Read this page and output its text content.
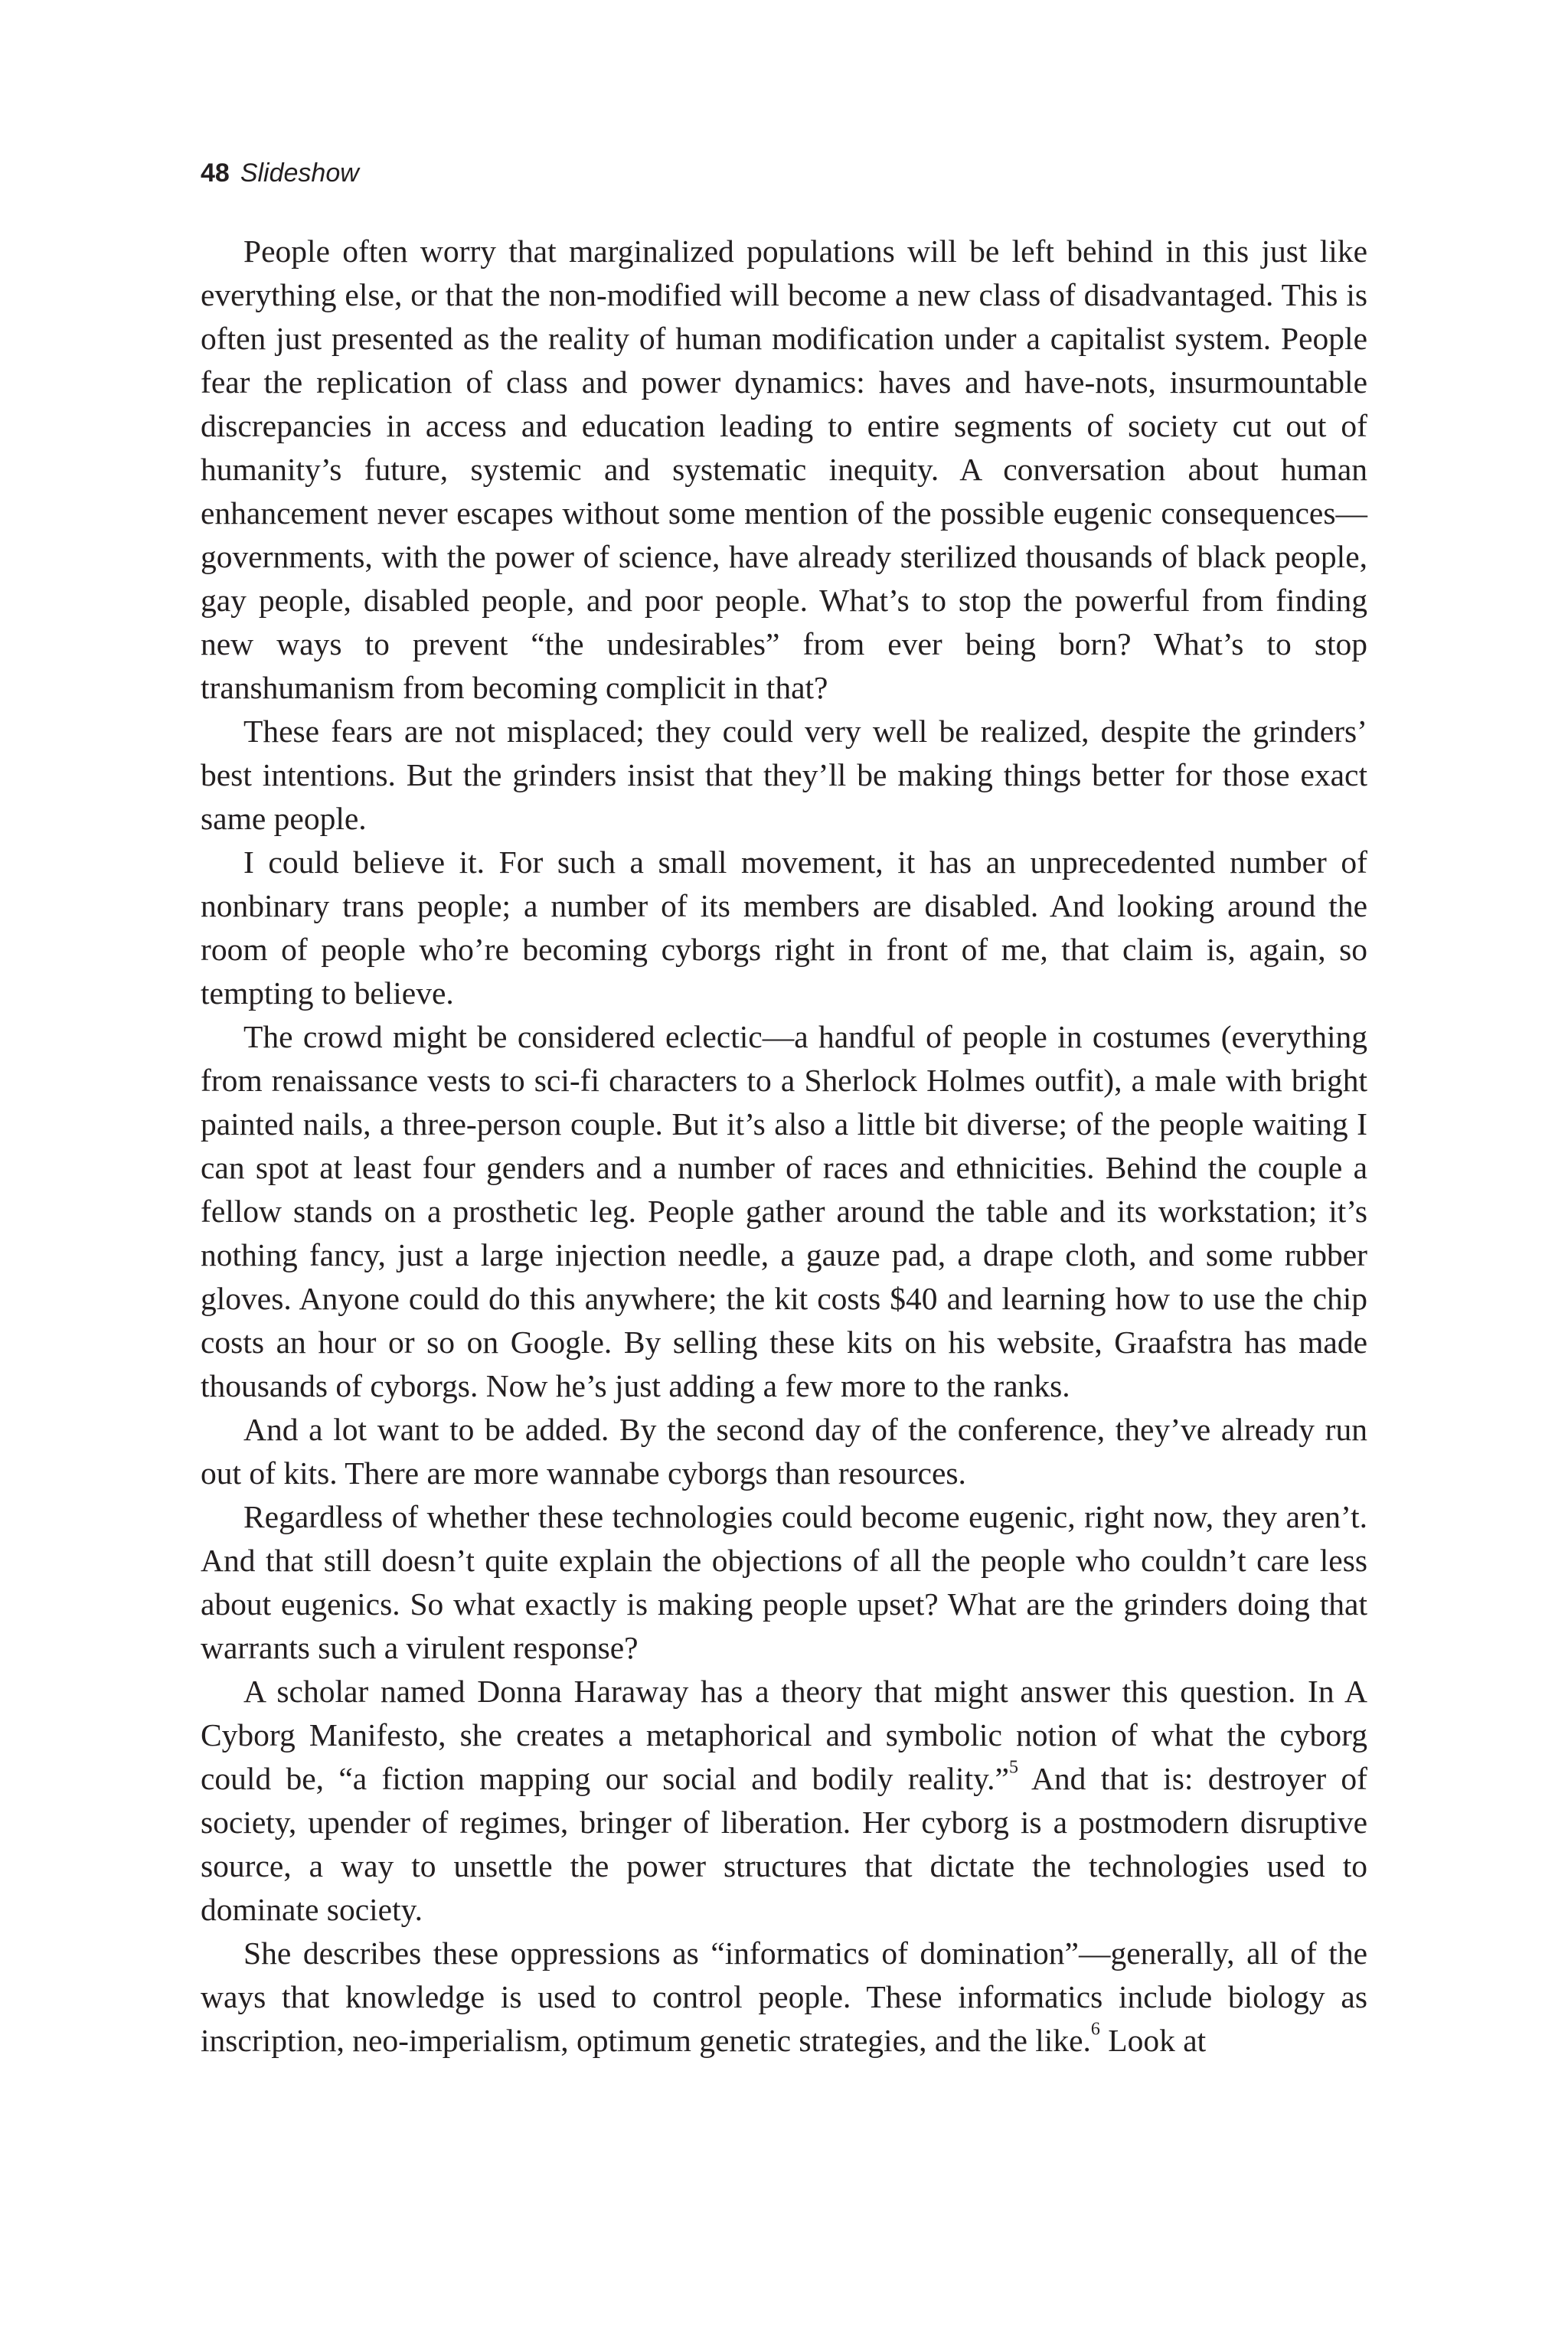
48 Slideshow

People often worry that marginalized populations will be left behind in this just like everything else, or that the non-modified will become a new class of disadvantaged. This is often just presented as the reality of human modification under a capitalist system. People fear the replication of class and power dynamics: haves and have-nots, insurmountable discrepancies in access and education leading to entire segments of society cut out of humanity’s future, systemic and systematic inequity. A conversation about human enhancement never escapes without some mention of the possible eugenic consequences—governments, with the power of science, have already sterilized thousands of black people, gay people, disabled people, and poor people. What’s to stop the powerful from finding new ways to prevent “the undesirables” from ever being born? What’s to stop transhumanism from becoming complicit in that?

These fears are not misplaced; they could very well be realized, despite the grinders’ best intentions. But the grinders insist that they’ll be making things better for those exact same people.

I could believe it. For such a small movement, it has an unprecedented number of nonbinary trans people; a number of its members are disabled. And looking around the room of people who’re becoming cyborgs right in front of me, that claim is, again, so tempting to believe.

The crowd might be considered eclectic—a handful of people in costumes (everything from renaissance vests to sci-fi characters to a Sherlock Holmes outfit), a male with bright painted nails, a three-person couple. But it’s also a little bit diverse; of the people waiting I can spot at least four genders and a number of races and ethnicities. Behind the couple a fellow stands on a prosthetic leg. People gather around the table and its workstation; it’s nothing fancy, just a large injection needle, a gauze pad, a drape cloth, and some rubber gloves. Anyone could do this anywhere; the kit costs $40 and learning how to use the chip costs an hour or so on Google. By selling these kits on his website, Graafstra has made thousands of cyborgs. Now he’s just adding a few more to the ranks.

And a lot want to be added. By the second day of the conference, they’ve already run out of kits. There are more wannabe cyborgs than resources.

Regardless of whether these technologies could become eugenic, right now, they aren’t. And that still doesn’t quite explain the objections of all the people who couldn’t care less about eugenics. So what exactly is making people upset? What are the grinders doing that warrants such a virulent response?

A scholar named Donna Haraway has a theory that might answer this question. In A Cyborg Manifesto, she creates a metaphorical and symbolic notion of what the cyborg could be, “a fiction mapping our social and bodily reality.”$^5$ And that is: destroyer of society, upender of regimes, bringer of liberation. Her cyborg is a postmodern disruptive source, a way to unsettle the power structures that dictate the technologies used to dominate society.

She describes these oppressions as “informatics of domination”—generally, all of the ways that knowledge is used to control people. These informatics include biology as inscription, neo-imperialism, optimum genetic strategies, and the like.$^6$ Look at
